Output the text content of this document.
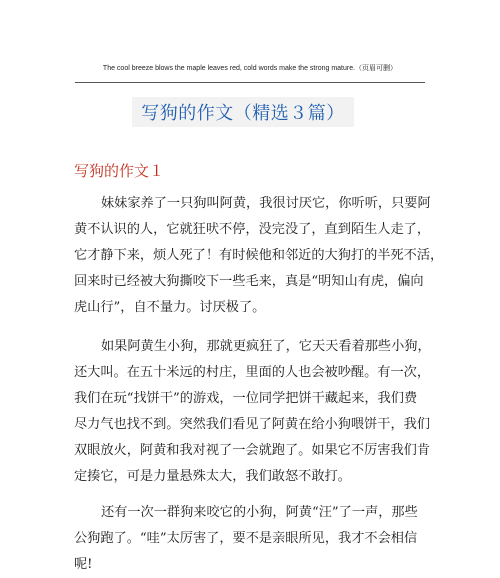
The cool breeze blows the maple leaves red, cold words make the strong mature.（页眉可删）
写狗的作文（精选３篇）
写狗的作文１
妹妹家养了一只狗叫阿黄，我很讨厌它，你听听，只要阿
黄不认识的人，它就狂吠不停，没完没了，直到陌生人走了，
它才静下来，烦人死了！有时候他和邻近的大狗打的半死不活，
回来时已经被大狗撕咬下一些毛来，真是“明知山有虎，偏向
虎山行”，自不量力。讨厌极了。
如果阿黄生小狗，那就更疯狂了，它天天看着那些小狗，
还大叫。在五十米远的村庄，里面的人也会被吵醒。有一次，
我们在玩“找饼干”的游戏，一位同学把饼干藏起来，我们费
尽力气也找不到。突然我们看见了阿黄在给小狗喂饼干，我们
双眼放火，阿黄和我对视了一会就跑了。如果它不厉害我们肯
定揍它，可是力量悬殊太大，我们敢怒不敢打。
还有一次一群狗来咬它的小狗，阿黄“汪”了一声，那些
公狗跑了。“哇”太厉害了，要不是亲眼所见，我才不会相信
呢!
